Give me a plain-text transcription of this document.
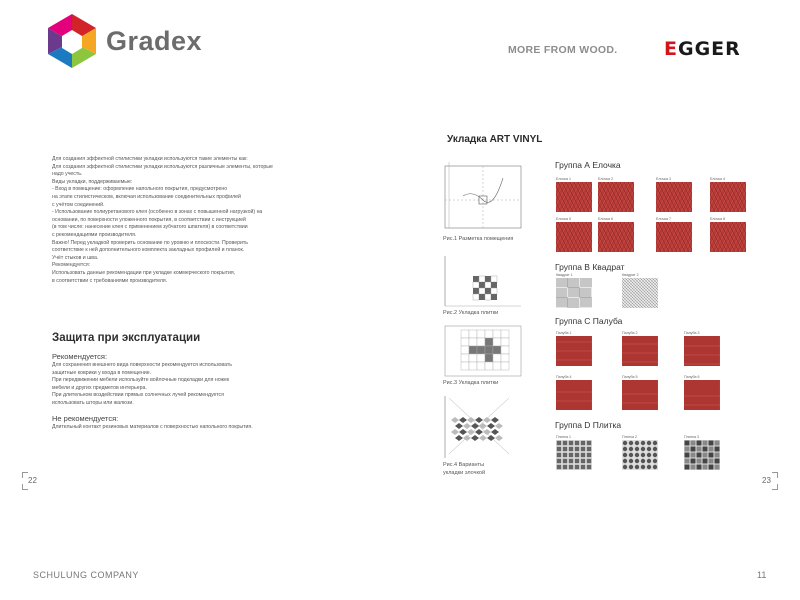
Gradex	MORE FROM WOOD. EGGER
22	23
Для создания эффектной стилистики укладки используются такие элементы как:
Для создания эффектной стилистики укладки используются различные элементы, которые
надо учесть.
Виды укладки, поддерживаемые:
- Вход в помещение: оформление напольного покрытия, предусмотрено
на этапе стилистическом, включая использование соединительных профилей
с учётом соединений.
- Использование полиуретанового клея (особенно в зонах с повышенной нагрузкой) на
основании, по поверхности уложенного покрытия, в соответствии с инструкцией
(в том числе: нанесение клея с применением зубчатого шпателя) в соответствии
с рекомендациями производителя.
Важно! Перед укладкой проверить основание по уровню и плоскости. Проверить
соответствие к ней дополнительного комплекта закладных профилей и планок.
Учёт стыков и шва.
Рекомендуется:
Использовать данные рекомендации при укладке коммерческого покрытия,
в соответствии с требованиями производителя.
Защита при эксплуатации
Рекомендуется:
Для сохранения внешнего вида поверхности рекомендуется использовать
защитные коврики у входа в помещение.
При передвижении мебели используйте войлочные подкладки для ножек
мебели и других предметов интерьера.
При длительном воздействии прямых солнечных лучей рекомендуется
использовать шторы или жалюзи.
Не рекомендуется:
Длительный контакт резиновых материалов с поверхностью напольного покрытия.
Укладка ART VINYL
Рис.1 Разметка помещения
Рис.2 Укладка плитки
Рис.3 Укладка плитки
Рис.4 Варианты
укладки элочкой
Группа А Елочка
Группа В Квадрат
Группа С Палуба
Группа D Плитка
Елочка 1	Елочка 2	Елочка 3	Елочка 4
Елочка 5	Елочка 6	Елочка 7	Елочка 8
Квадрат 1	Квадрат 2
Палуба 1	Палуба 2	Палуба 3
Палуба 4	Палуба 5	Палуба 6
Плитка 1	Плитка 2	Плитка 3
SCHULUNG COMPANY	11
